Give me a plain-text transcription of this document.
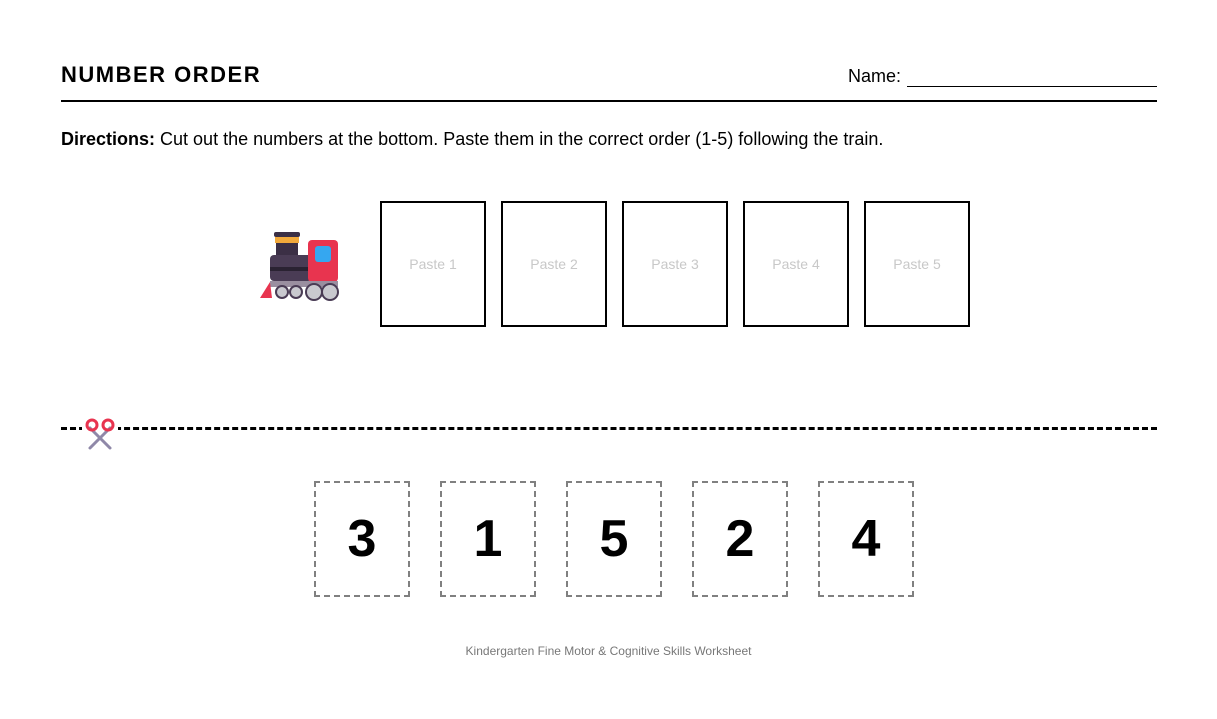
NUMBER ORDER	Name:
Directions: Cut out the numbers at the bottom. Paste them in the correct order (1-5) following the train.
Paste 1	Paste 2	Paste 3	Paste 4	Paste 5
3	1	5	2	4
Kindergarten Fine Motor & Cognitive Skills Worksheet
